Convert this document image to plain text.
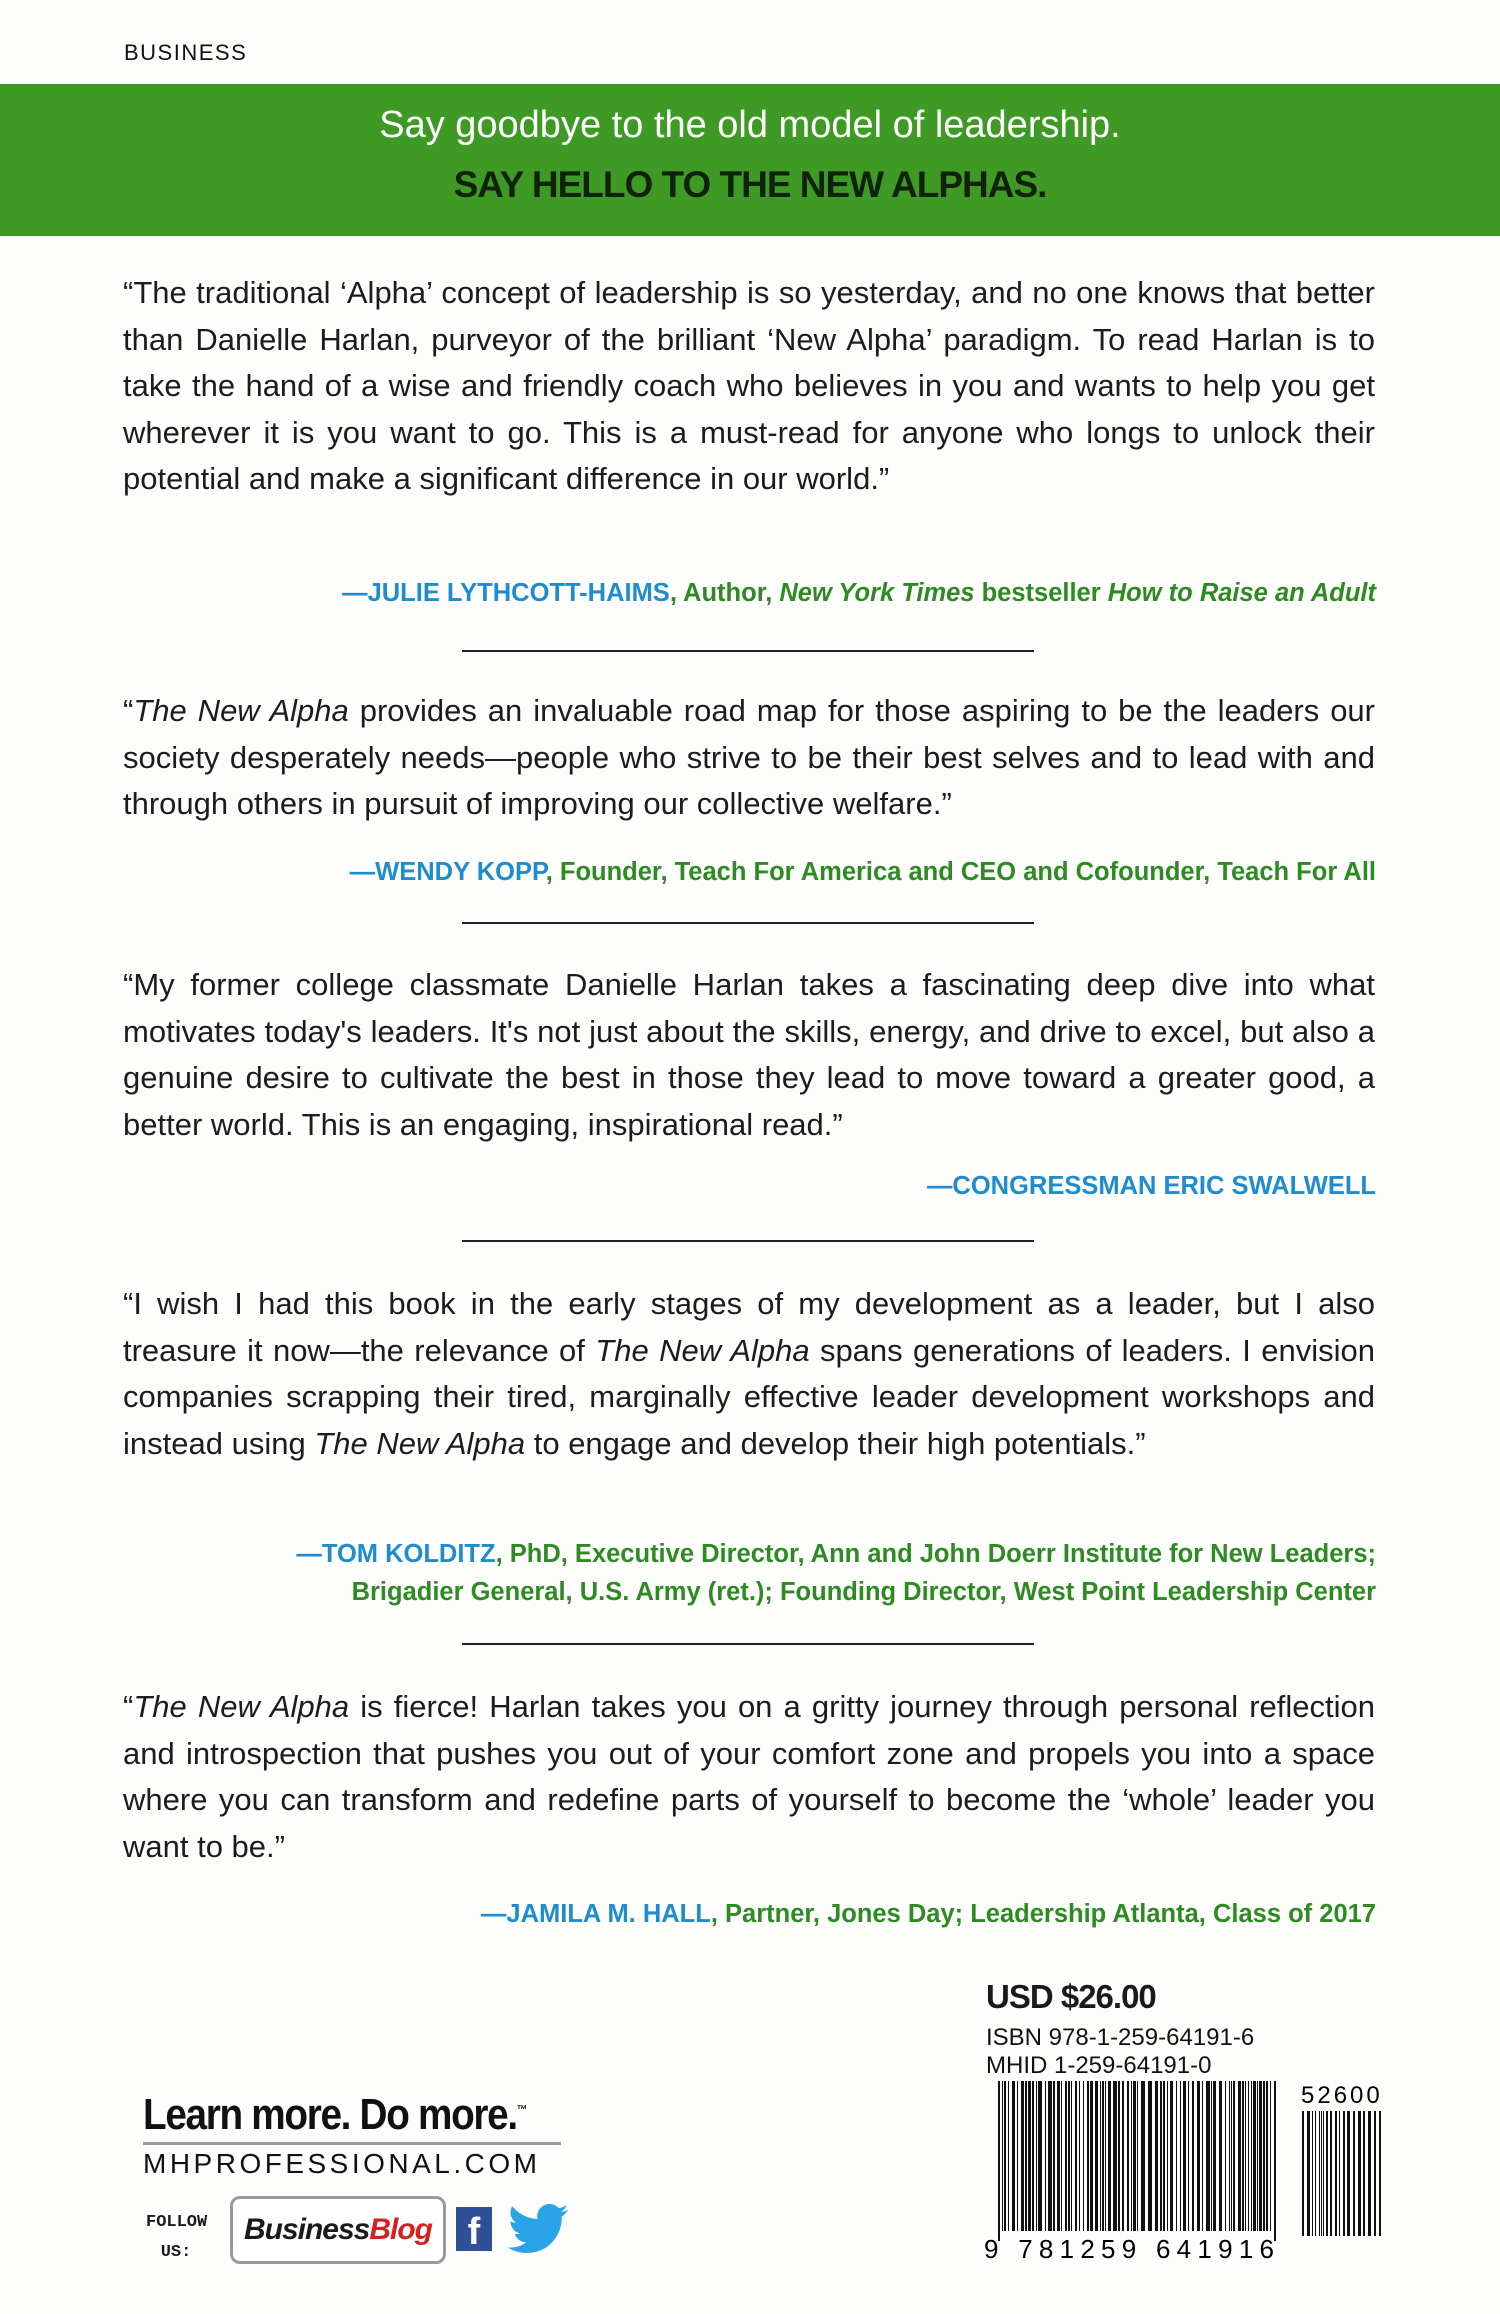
BUSINESS
Say goodbye to the old model of leadership.
SAY HELLO TO THE NEW ALPHAS.
“The traditional ‘Alpha’ concept of leadership is so yesterday, and no one knows that better than Danielle Harlan, purveyor of the brilliant ‘New Alpha’ paradigm. To read Harlan is to take the hand of a wise and friendly coach who believes in you and wants to help you get wherever it is you want to go. This is a must-read for anyone who longs to unlock their potential and make a significant difference in our world.”
—JULIE LYTHCOTT-HAIMS, Author, New York Times bestseller How to Raise an Adult
“The New Alpha provides an invaluable road map for those aspiring to be the leaders our society desperately needs—people who strive to be their best selves and to lead with and through others in pursuit of improving our collective welfare.”
—WENDY KOPP, Founder, Teach For America and CEO and Cofounder, Teach For All
“My former college classmate Danielle Harlan takes a fascinating deep dive into what motivates today's leaders. It's not just about the skills, energy, and drive to excel, but also a genuine desire to cultivate the best in those they lead to move toward a greater good, a better world. This is an engaging, inspirational read.”
—CONGRESSMAN ERIC SWALWELL
“I wish I had this book in the early stages of my development as a leader, but I also treasure it now—the relevance of The New Alpha spans generations of leaders. I envision companies scrapping their tired, marginally effective leader development workshops and instead using The New Alpha to engage and develop their high potentials.”
—TOM KOLDITZ, PhD, Executive Director, Ann and John Doerr Institute for New Leaders;
Brigadier General, U.S. Army (ret.); Founding Director, West Point Leadership Center
“The New Alpha is fierce! Harlan takes you on a gritty journey through personal reflection and introspection that pushes you out of your comfort zone and propels you into a space where you can transform and redefine parts of yourself to become the ‘whole’ leader you want to be.”
—JAMILA M. HALL, Partner, Jones Day; Leadership Atlanta, Class of 2017
USD $26.00
ISBN 978-1-259-64191-6
MHID 1-259-64191-0
9 781259 641916
52600
Learn more. Do more.™
MHPROFESSIONAL.COM
FOLLOW US:
Business Blog f
